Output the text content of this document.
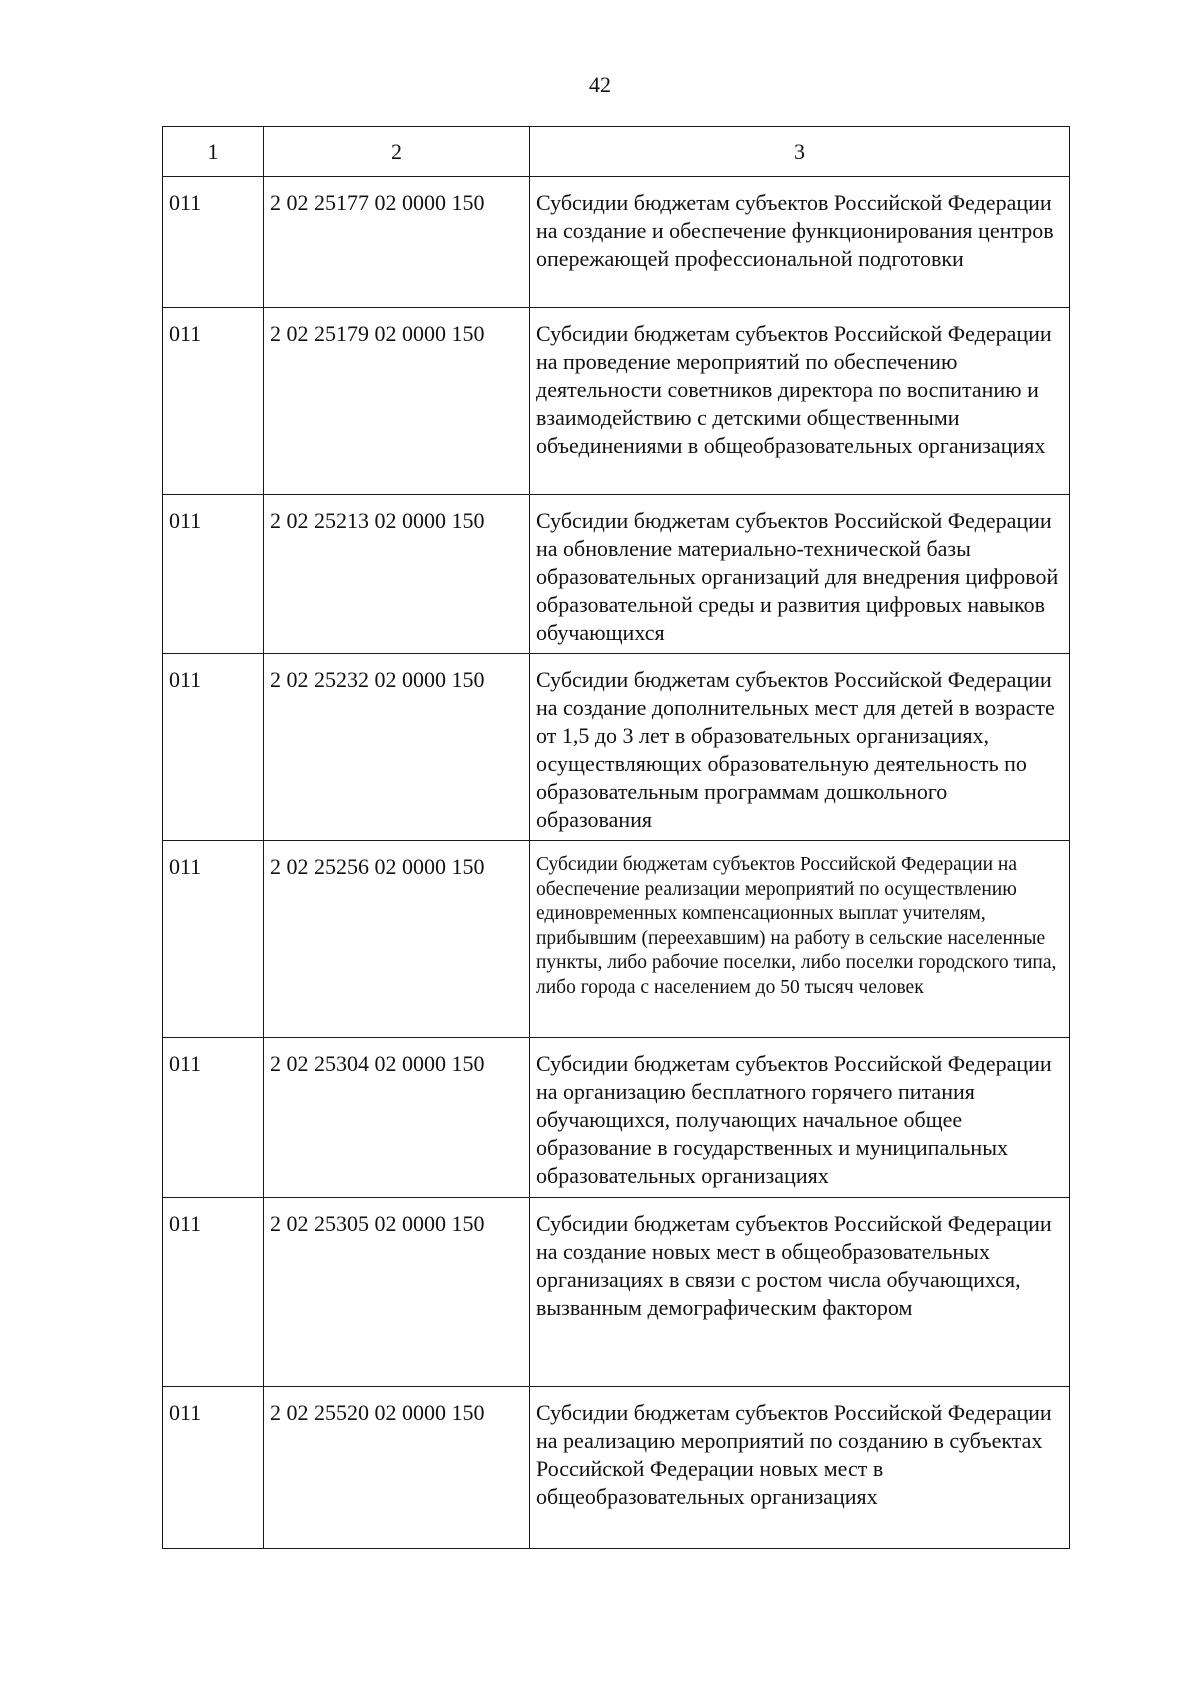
42
1	2	3

011	2 02 25177 02 0000 150	Субсидии бюджетам субъектов Российской Федерации на создание и обеспечение функционирования центров опережающей профессиональной подготовки

011	2 02 25179 02 0000 150	Субсидии бюджетам субъектов Российской Федерации на проведение мероприятий по обеспечению деятельности советников директора по воспитанию и взаимодействию с детскими общественными объединениями в общеобразовательных организациях

011	2 02 25213 02 0000 150	Субсидии бюджетам субъектов Российской Федерации на обновление материально-технической базы образовательных организаций для внедрения цифровой образовательной среды и развития цифровых навыков обучающихся

011	2 02 25232 02 0000 150	Субсидии бюджетам субъектов Российской Федерации на создание дополнительных мест для детей в возрасте от 1,5 до 3 лет в образовательных организациях, осуществляющих образовательную деятельность по образовательным программам дошкольного образования

011	2 02 25256 02 0000 150	Субсидии бюджетам субъектов Российской Федерации на обеспечение реализации мероприятий по осуществлению единовременных компенсационных выплат учителям, прибывшим (переехавшим) на работу в сельские населенные пункты, либо рабочие поселки, либо поселки городского типа, либо города с населением до 50 тысяч человек

011	2 02 25304 02 0000 150	Субсидии бюджетам субъектов Российской Федерации на организацию бесплатного горячего питания обучающихся, получающих начальное общее образование в государственных и муниципальных образовательных организациях

011	2 02 25305 02 0000 150	Субсидии бюджетам субъектов Российской Федерации на создание новых мест в общеобразовательных организациях в связи с ростом числа обучающихся, вызванным демографическим фактором

011	2 02 25520 02 0000 150	Субсидии бюджетам субъектов Российской Федерации на реализацию мероприятий по созданию в субъектах Российской Федерации новых мест в общеобразовательных организациях
